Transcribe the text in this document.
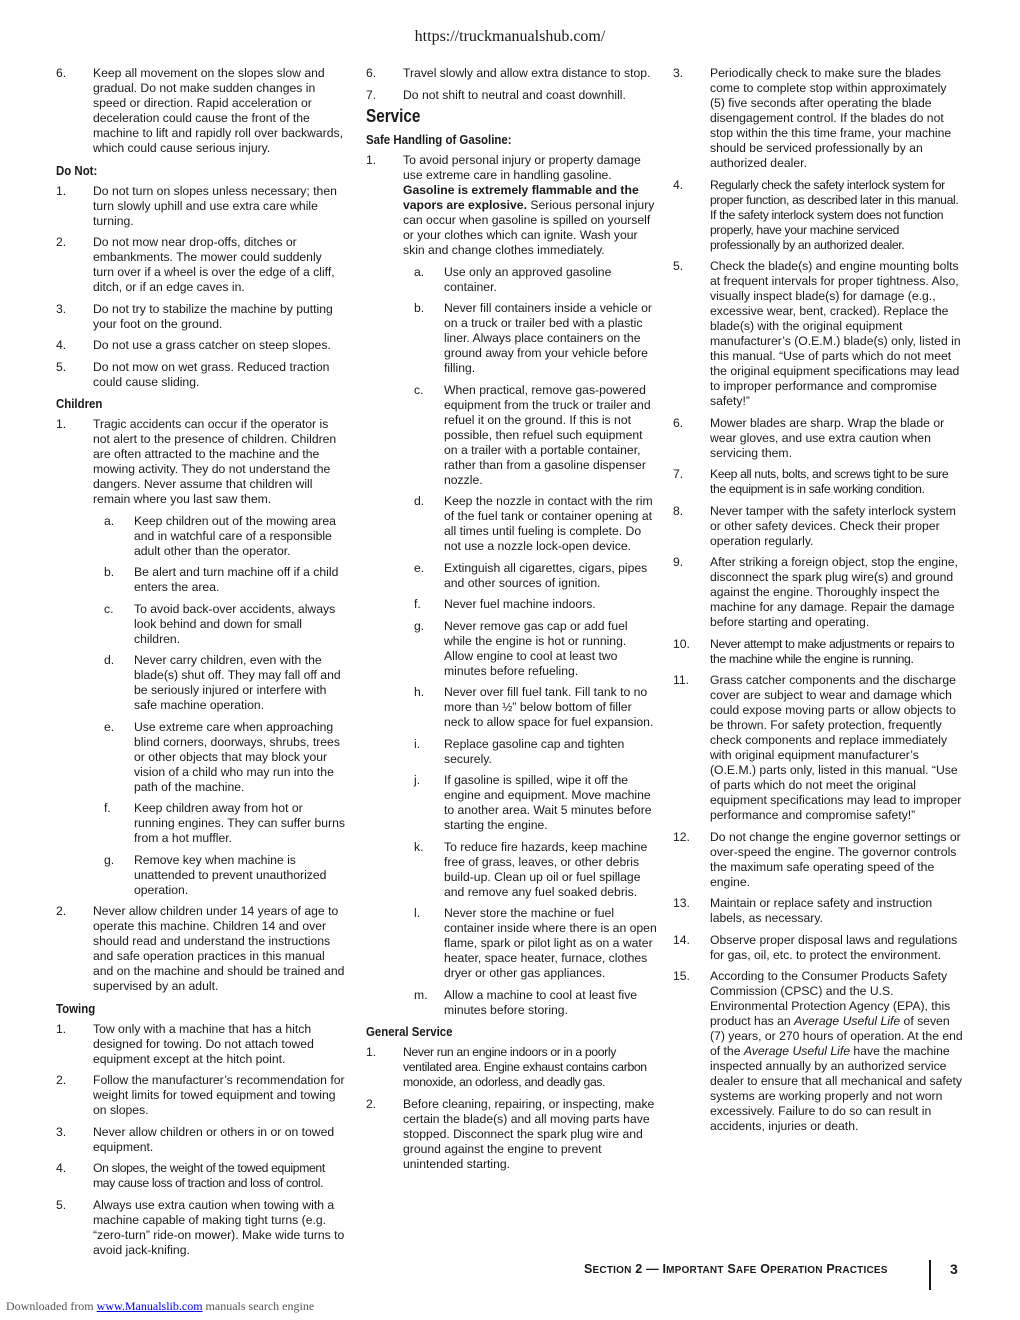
https://truckmanualshub.com/
6.	Keep all movement on the slopes slow and gradual. Do not make sudden changes in speed or direction. Rapid acceleration or deceleration could cause the front of the machine to lift and rapidly roll over backwards, which could cause serious injury.
Do Not:
1.	Do not turn on slopes unless necessary; then turn slowly uphill and use extra care while turning.
2.	Do not mow near drop-offs, ditches or embankments. The mower could suddenly turn over if a wheel is over the edge of a cliff, ditch, or if an edge caves in.
3.	Do not try to stabilize the machine by putting your foot on the ground.
4.	Do not use a grass catcher on steep slopes.
5.	Do not mow on wet grass. Reduced traction could cause sliding.
Children
1.	Tragic accidents can occur if the operator is not alert to the presence of children. Children are often attracted to the machine and the mowing activity. They do not understand the dangers. Never assume that children will remain where you last saw them.
a.	Keep children out of the mowing area and in watchful care of a responsible adult other than the operator.
b.	Be alert and turn machine off if a child enters the area.
c.	To avoid back-over accidents, always look behind and down for small children.
d.	Never carry children, even with the blade(s) shut off. They may fall off and be seriously injured or interfere with safe machine operation.
e.	Use extreme care when approaching blind corners, doorways, shrubs, trees or other objects that may block your vision of a child who may run into the path of the machine.
f.	Keep children away from hot or running engines. They can suffer burns from a hot muffler.
g.	Remove key when machine is unattended to prevent unauthorized operation.
2.	Never allow children under 14 years of age to operate this machine. Children 14 and over should read and understand the instructions and safe operation practices in this manual and on the machine and should be trained and supervised by an adult.
Towing
1.	Tow only with a machine that has a hitch designed for towing. Do not attach towed equipment except at the hitch point.
2.	Follow the manufacturer’s recommendation for weight limits for towed equipment and towing on slopes.
3.	Never allow children or others in or on towed equipment.
4.	On slopes, the weight of the towed equipment may cause loss of traction and loss of control.
5.	Always use extra caution when towing with a machine capable of making tight turns (e.g. “zero-turn” ride-on mower). Make wide turns to avoid jack-knifing.
6.	Travel slowly and allow extra distance to stop.
7.	Do not shift to neutral and coast downhill.
Service
Safe Handling of Gasoline:
1.	To avoid personal injury or property damage use extreme care in handling gasoline. Gasoline is extremely flammable and the vapors are explosive. Serious personal injury can occur when gasoline is spilled on yourself or your clothes which can ignite. Wash your skin and change clothes immediately.
a.	Use only an approved gasoline container.
b.	Never fill containers inside a vehicle or on a truck or trailer bed with a plastic liner. Always place containers on the ground away from your vehicle before filling.
c.	When practical, remove gas-powered equipment from the truck or trailer and refuel it on the ground. If this is not possible, then refuel such equipment on a trailer with a portable container, rather than from a gasoline dispenser nozzle.
d.	Keep the nozzle in contact with the rim of the fuel tank or container opening at all times until fueling is complete. Do not use a nozzle lock-open device.
e.	Extinguish all cigarettes, cigars, pipes and other sources of ignition.
f.	Never fuel machine indoors.
g.	Never remove gas cap or add fuel while the engine is hot or running. Allow engine to cool at least two minutes before refueling.
h.	Never over fill fuel tank. Fill tank to no more than ½” below bottom of filler neck to allow space for fuel expansion.
i.	Replace gasoline cap and tighten securely.
j.	If gasoline is spilled, wipe it off the engine and equipment. Move machine to another area. Wait 5 minutes before starting the engine.
k.	To reduce fire hazards, keep machine free of grass, leaves, or other debris build-up. Clean up oil or fuel spillage and remove any fuel soaked debris.
l.	Never store the machine or fuel container inside where there is an open flame, spark or pilot light as on a water heater, space heater, furnace, clothes dryer or other gas appliances.
m.	Allow a machine to cool at least five minutes before storing.
General Service
1.	Never run an engine indoors or in a poorly ventilated area. Engine exhaust contains carbon monoxide, an odorless, and deadly gas.
2.	Before cleaning, repairing, or inspecting, make certain the blade(s) and all moving parts have stopped. Disconnect the spark plug wire and ground against the engine to prevent unintended starting.
3.	Periodically check to make sure the blades come to complete stop within approximately (5) five seconds after operating the blade disengagement control. If the blades do not stop within the this time frame, your machine should be serviced professionally by an authorized dealer.
4.	Regularly check the safety interlock system for proper function, as described later in this manual. If the safety interlock system does not function properly, have your machine serviced professionally by an authorized dealer.
5.	Check the blade(s) and engine mounting bolts at frequent intervals for proper tightness. Also, visually inspect blade(s) for damage (e.g., excessive wear, bent, cracked). Replace the blade(s) with the original equipment manufacturer’s (O.E.M.) blade(s) only, listed in this manual. “Use of parts which do not meet the original equipment specifications may lead to improper performance and compromise safety!”
6.	Mower blades are sharp. Wrap the blade or wear gloves, and use extra caution when servicing them.
7.	Keep all nuts, bolts, and screws tight to be sure the equipment is in safe working condition.
8.	Never tamper with the safety interlock system or other safety devices. Check their proper operation regularly.
9.	After striking a foreign object, stop the engine, disconnect the spark plug wire(s) and ground against the engine. Thoroughly inspect the machine for any damage. Repair the damage before starting and operating.
10.	Never attempt to make adjustments or repairs to the machine while the engine is running.
11.	Grass catcher components and the discharge cover are subject to wear and damage which could expose moving parts or allow objects to be thrown. For safety protection, frequently check components and replace immediately with original equipment manufacturer’s (O.E.M.) parts only, listed in this manual. “Use of parts which do not meet the original equipment specifications may lead to improper performance and compromise safety!”
12.	Do not change the engine governor settings or over-speed the engine. The governor controls the maximum safe operating speed of the engine.
13.	Maintain or replace safety and instruction labels, as necessary.
14.	Observe proper disposal laws and regulations for gas, oil, etc. to protect the environment.
15.	According to the Consumer Products Safety Commission (CPSC) and the U.S. Environmental Protection Agency (EPA), this product has an Average Useful Life of seven (7) years, or 270 hours of operation. At the end of the Average Useful Life have the machine inspected annually by an authorized service dealer to ensure that all mechanical and safety systems are working properly and not worn excessively. Failure to do so can result in accidents, injuries or death.
SECTION 2 — IMPORTANT SAFE OPERATION PRACTICES	3
Downloaded from www.Manualslib.com manuals search engine
